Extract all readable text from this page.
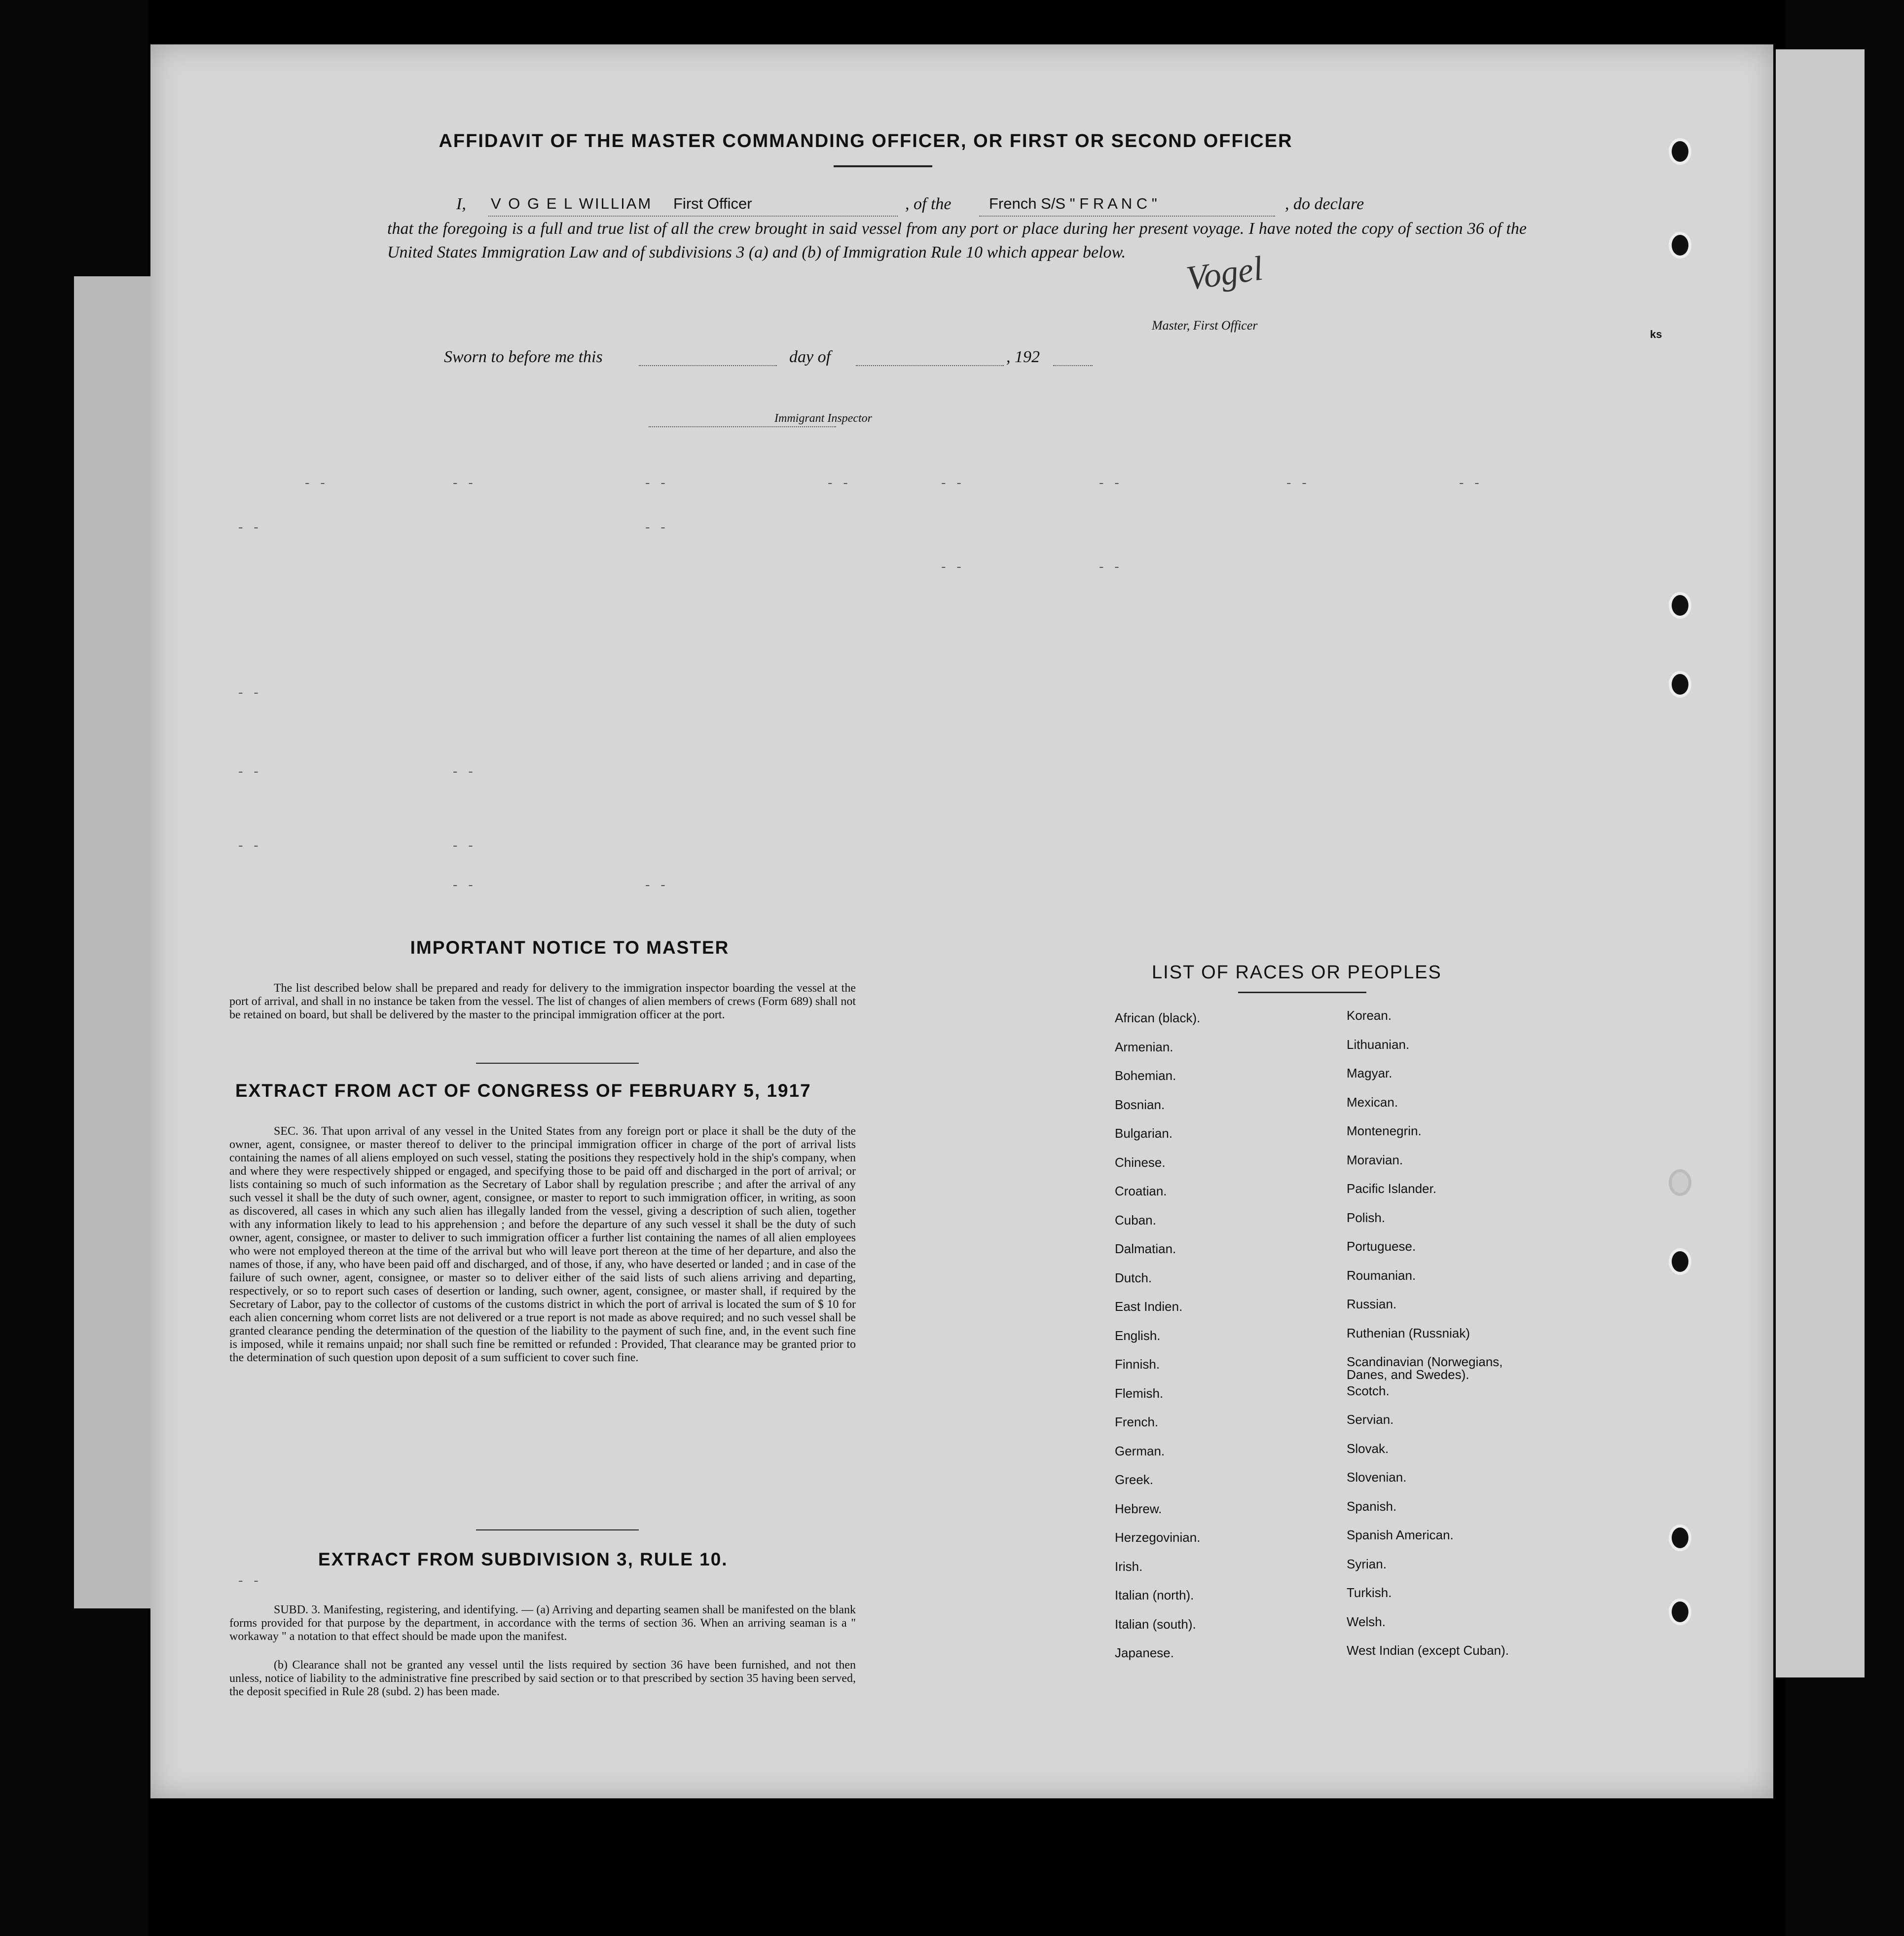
AFFIDAVIT OF THE MASTER COMMANDING OFFICER, OR FIRST OR SECOND OFFICER
I, V O G E L WILLIAM First Officer	, of the French S/S " F R A N C "	, do declare
that the foregoing is a full and true list of all the crew brought in said vessel from any port or place during her present voyage. I have noted the copy of section 36 of the United States Immigration Law and of subdivisions 3 (a) and (b) of Immigration Rule 10 which appear below.	Vogel
Master, First Officer
Sworn to before me this	day of	, 192
Immigrant Inspector
- -	- -	- -	- -	- -	- -	- -	- -
- -	- -
- -	- -
- -
- -	- -
- -	- -
- -	- -
IMPORTANT NOTICE TO MASTER
The list described below shall be prepared and ready for delivery to the immigration inspector boarding the vessel at the port of arrival, and shall in no instance be taken from the vessel. The list of changes of alien members of crews (Form 689) shall not be retained on board, but shall be delivered by the master to the principal immigration officer at the port.
EXTRACT FROM ACT OF CONGRESS OF FEBRUARY 5, 1917
SEC. 36. That upon arrival of any vessel in the United States from any foreign port or place it shall be the duty of the owner, agent, consignee, or master thereof to deliver to the principal immigration officer in charge of the port of arrival lists containing the names of all aliens employed on such vessel, stating the positions they respectively hold in the ship's company, when and where they were respectively shipped or engaged, and specifying those to be paid off and discharged in the port of arrival; or lists containing so much of such information as the Secretary of Labor shall by regulation prescribe ; and after the arrival of any such vessel it shall be the duty of such owner, agent, consignee, or master to report to such immigration officer, in writing, as soon as discovered, all cases in which any such alien has illegally landed from the vessel, giving a description of such alien, together with any information likely to lead to his apprehension ; and before the departure of any such vessel it shall be the duty of such owner, agent, consignee, or master to deliver to such immigration officer a further list containing the names of all alien employees who were not employed thereon at the time of the arrival but who will leave port thereon at the time of her departure, and also the names of those, if any, who have been paid off and discharged, and of those, if any, who have deserted or landed ; and in case of the failure of such owner, agent, consignee, or master so to deliver either of the said lists of such aliens arriving and departing, respectively, or so to report such cases of desertion or landing, such owner, agent, consignee, or master shall, if required by the Secretary of Labor, pay to the collector of customs of the customs district in which the port of arrival is located the sum of $ 10 for each alien concerning whom corret lists are not delivered or a true report is not made as above required; and no such vessel shall be granted clearance pending the determination of the question of the liability to the payment of such fine, and, in the event such fine is imposed, while it remains unpaid; nor shall such fine be remitted or refunded : Provided, That clearance may be granted prior to the determination of such question upon deposit of a sum sufficient to cover such fine.
EXTRACT FROM SUBDIVISION 3, RULE 10.
- -
SUBD. 3. Manifesting, registering, and identifying. — (a) Arriving and departing seamen shall be manifested on the blank forms provided for that purpose by the department, in accordance with the terms of section 36. When an arriving seaman is a " workaway " a notation to that effect should be made upon the manifest.
(b) Clearance shall not be granted any vessel until the lists required by section 36 have been furnished, and not then unless, notice of liability to the administrative fine prescribed by said section or to that prescribed by section 35 having been served, the deposit specified in Rule 28 (subd. 2) has been made.
LIST OF RACES OR PEOPLES
African (black).
Armenian.
Bohemian.
Bosnian.
Bulgarian.
Chinese.
Croatian.
Cuban.
Dalmatian.
Dutch.
East Indien.
English.
Finnish.
Flemish.
French.
German.
Greek.
Hebrew.
Herzegovinian.
Irish.
Italian (north).
Italian (south).
Japanese.
Korean.
Lithuanian.
Magyar.
Mexican.
Montenegrin.
Moravian.
Pacific Islander.
Polish.
Portuguese.
Roumanian.
Russian.
Ruthenian (Russniak)
Scandinavian (Norwegians, Danes, and Swedes).
Scotch.
Servian.
Slovak.
Slovenian.
Spanish.
Spanish American.
Syrian.
Turkish.
Welsh.
West Indian (except Cuban).
ks
